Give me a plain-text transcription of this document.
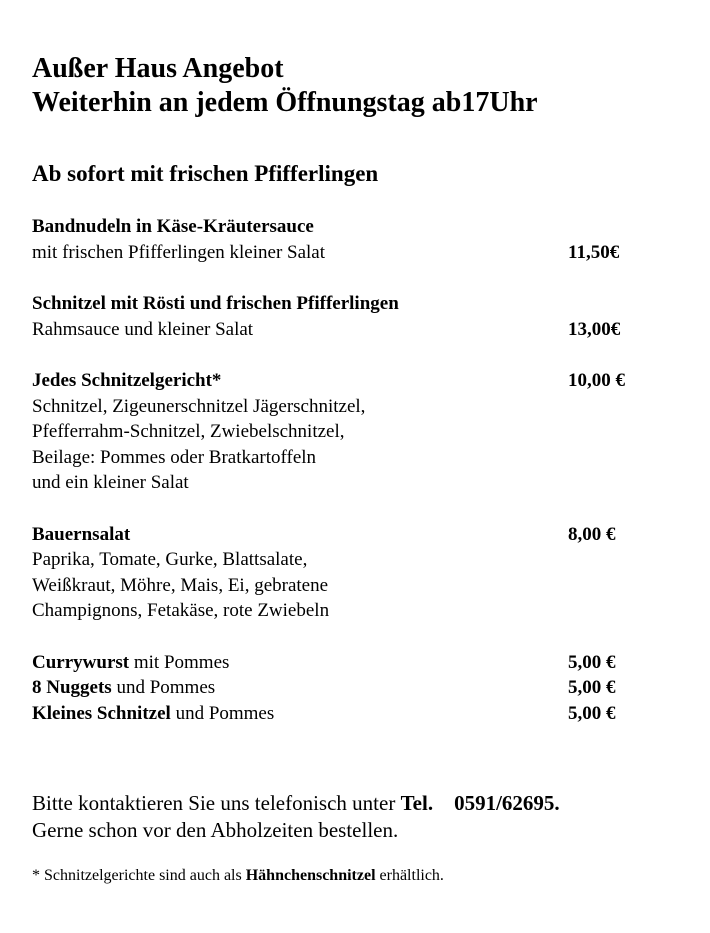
Außer Haus Angebot
Weiterhin an jedem Öffnungstag ab17Uhr
Ab sofort mit frischen Pfifferlingen
Bandnudeln in Käse-Kräutersauce
mit frischen Pfifferlingen kleiner Salat	11,50€
Schnitzel mit Rösti und frischen Pfifferlingen
Rahmsauce und kleiner Salat	13,00€
Jedes Schnitzelgericht*	10,00 €
Schnitzel, Zigeunerschnitzel Jägerschnitzel,
Pfefferrahm-Schnitzel, Zwiebelschnitzel,
Beilage: Pommes oder Bratkartoffeln
und ein kleiner Salat
Bauernsalat	8,00 €
Paprika, Tomate, Gurke, Blattsalate,
Weißkraut, Möhre, Mais, Ei, gebratene
Champignons, Fetakäse, rote Zwiebeln
Currywurst mit Pommes	5,00 €
8 Nuggets und Pommes	5,00 €
Kleines Schnitzel und Pommes	5,00 €
Bitte kontaktieren Sie uns telefonisch unter Tel. 0591/62695.
Gerne schon vor den Abholzeiten bestellen.
* Schnitzelgerichte sind auch als Hähnchenschnitzel erhältlich.
